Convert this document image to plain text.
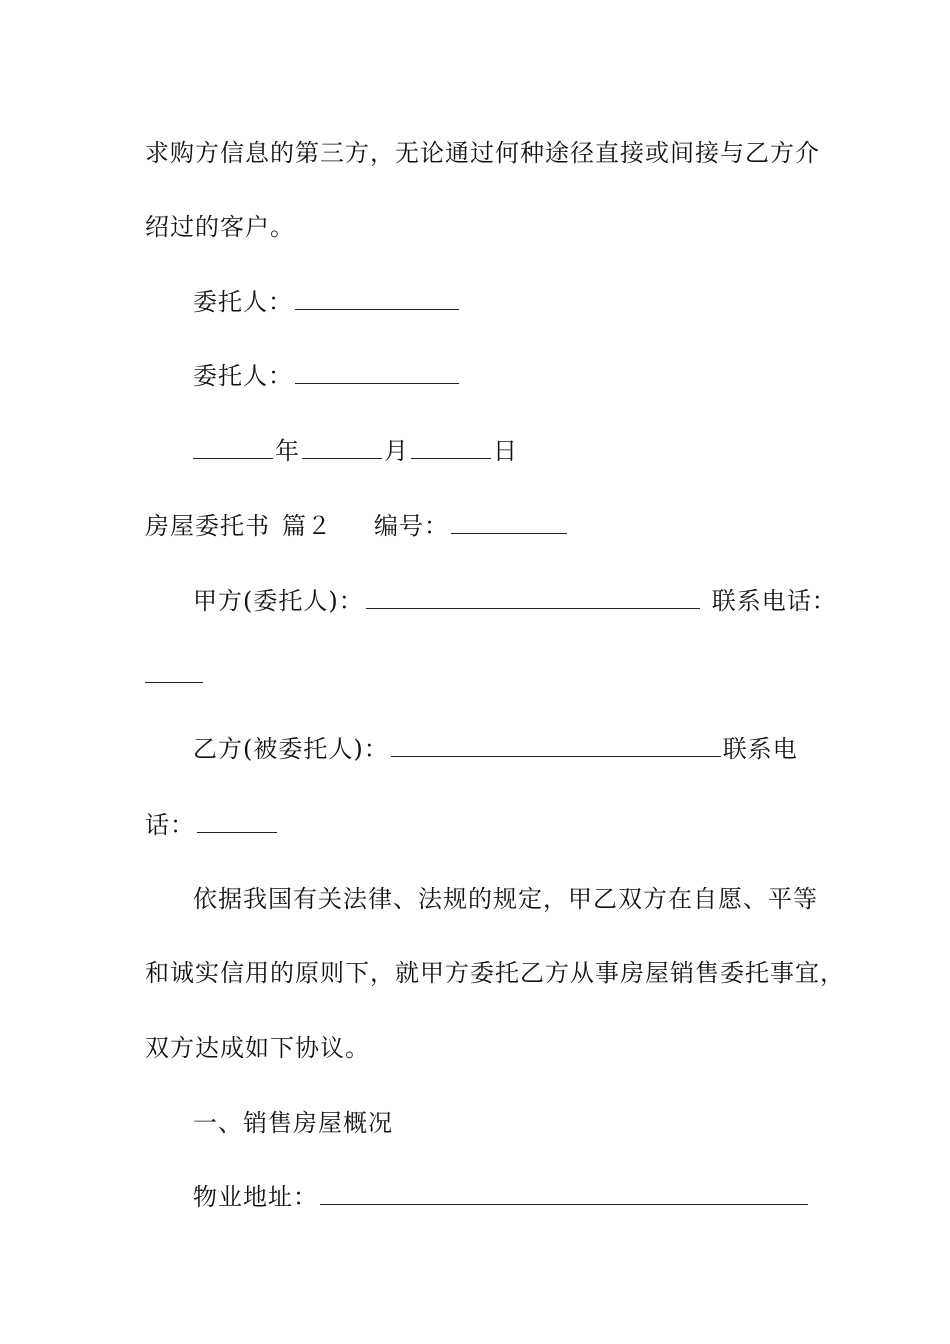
求购方信息的第三方，无论通过何种途径直接或间接与乙方介
绍过的客户。
委托人：
委托人：
年	月	日
房屋委托书 篇２ 编号：
甲方(委托人)：	联系电话：
乙方(被委托人)：	联系电
话：
依据我国有关法律、法规的规定，甲乙双方在自愿、平等
和诚实信用的原则下，就甲方委托乙方从事房屋销售委托事宜，
双方达成如下协议。
一、销售房屋概况
物业地址：
